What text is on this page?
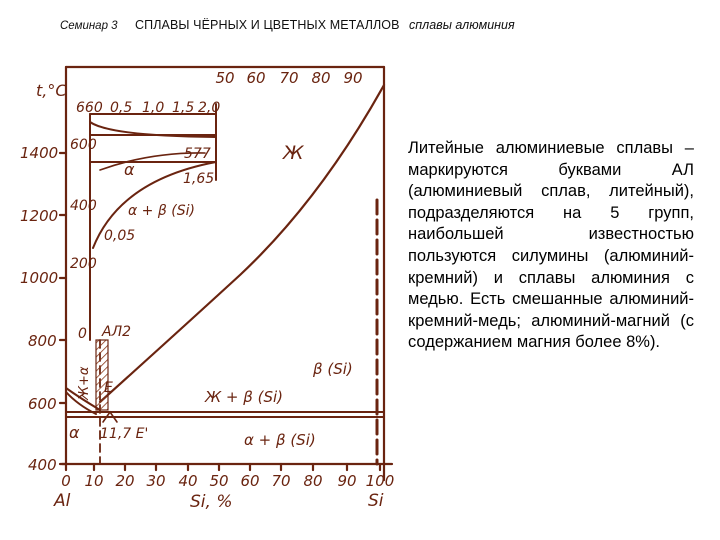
Семинар 3 СПЛАВЫ ЧЁРНЫХ И ЦВЕТНЫХ МЕТАЛЛОВ сплавы алюминия
t,°C
1400
1200
1000
800
600
400
0 10 20 30 40 50 60 70 80 90 100
50 60 70 80 90
Si, %
Al	Si
660
600
400
200
0
0,5 1,0 1,5 2,0
577
1,65
0,05
α
α + β (Si)
Ж
Ж+α	Ж + β (Si)
β (Si)
α + β (Si)
α
АЛ2
E
11,7 E'
Литейные алюминиевые сплавы – маркируются буквами АЛ (алюминиевый сплав, литейный), подразделяются на 5 групп, наибольшей известностью пользуются силумины (алюминий-кремний) и сплавы алюминия с медью. Есть смешанные алюминий-кремний-медь; алюминий-магний (с содержанием магния более 8%).
